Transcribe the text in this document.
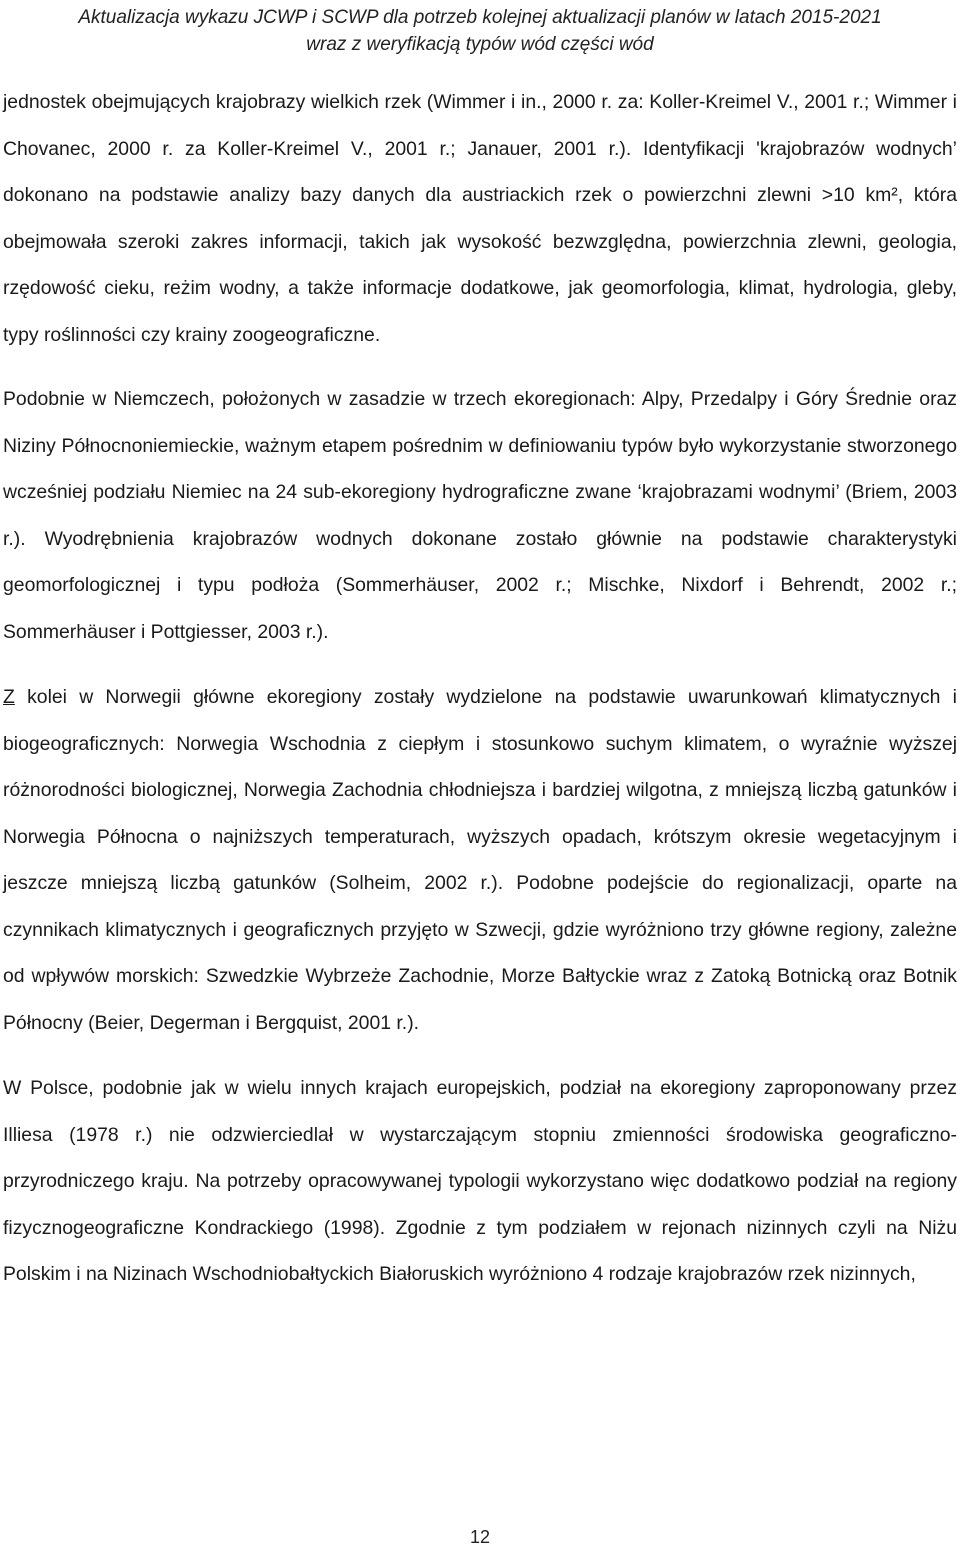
Aktualizacja wykazu JCWP i SCWP dla potrzeb kolejnej aktualizacji planów w latach 2015-2021
wraz z weryfikacją typów wód części wód

jednostek obejmujących krajobrazy wielkich rzek (Wimmer i in., 2000 r. za: Koller-Kreimel V., 2001 r.; Wimmer i Chovanec, 2000 r. za Koller-Kreimel V., 2001 r.; Janauer, 2001 r.). Identyfikacji 'krajobrazów wodnych’ dokonano na podstawie analizy bazy danych dla austriackich rzek o powierzchni zlewni >10 km², która obejmowała szeroki zakres informacji, takich jak wysokość bezwzględna, powierzchnia zlewni, geologia, rzędowość cieku, reżim wodny, a także informacje dodatkowe, jak geomorfologia, klimat, hydrologia, gleby, typy roślinności czy krainy zoogeograficzne.

Podobnie w Niemczech, położonych w zasadzie w trzech ekoregionach: Alpy, Przedalpy i Góry Średnie oraz Niziny Północnoniemieckie, ważnym etapem pośrednim w definiowaniu typów było wykorzystanie stworzonego wcześniej podziału Niemiec na 24 sub-ekoregiony hydrograficzne zwane ‘krajobrazami wodnymi’ (Briem, 2003 r.). Wyodrębnienia krajobrazów wodnych dokonane zostało głównie na podstawie charakterystyki geomorfologicznej i typu podłoża (Sommerhäuser, 2002 r.; Mischke, Nixdorf i Behrendt, 2002 r.; Sommerhäuser i Pottgiesser, 2003 r.).

Z kolei w Norwegii główne ekoregiony zostały wydzielone na podstawie uwarunkowań klimatycznych i biogeograficznych: Norwegia Wschodnia z ciepłym i stosunkowo suchym klimatem, o wyraźnie wyższej różnorodności biologicznej, Norwegia Zachodnia chłodniejsza i bardziej wilgotna, z mniejszą liczbą gatunków i Norwegia Północna o najniższych temperaturach, wyższych opadach, krótszym okresie wegetacyjnym i jeszcze mniejszą liczbą gatunków (Solheim, 2002 r.). Podobne podejście do regionalizacji, oparte na czynnikach klimatycznych i geograficznych przyjęto w Szwecji, gdzie wyróżniono trzy główne regiony, zależne od wpływów morskich: Szwedzkie Wybrzeże Zachodnie, Morze Bałtyckie wraz z Zatoką Botnicką oraz Botnik Północny (Beier, Degerman i Bergquist, 2001 r.).

W Polsce, podobnie jak w wielu innych krajach europejskich, podział na ekoregiony zaproponowany przez Illiesa (1978 r.) nie odzwierciedlał w wystarczającym stopniu zmienności środowiska geograficzno-przyrodniczego kraju. Na potrzeby opracowywanej typologii wykorzystano więc dodatkowo podział na regiony fizycznogeograficzne Kondrackiego (1998). Zgodnie z tym podziałem w rejonach nizinnych czyli na Niżu Polskim i na Nizinach Wschodniobałtyckich Białoruskich wyróżniono 4 rodzaje krajobrazów rzek nizinnych,

12
